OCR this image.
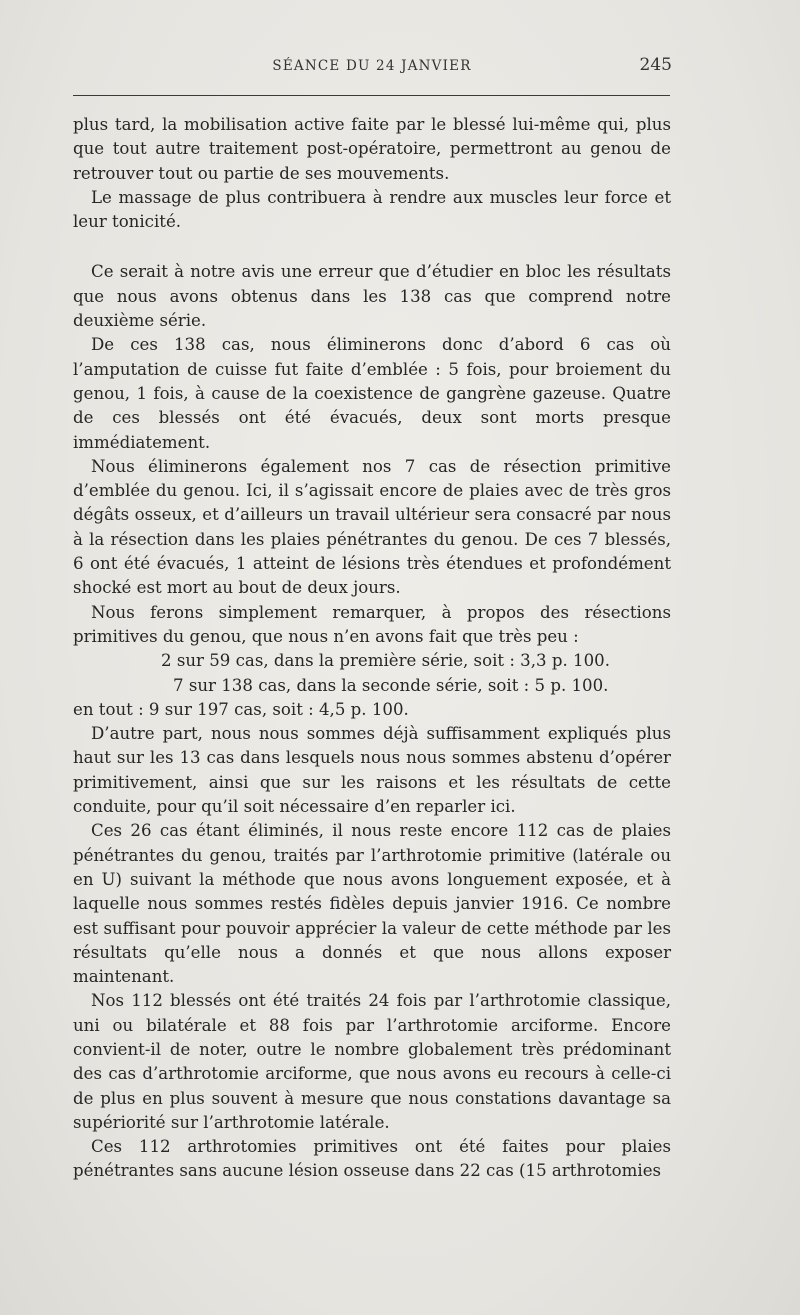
SÉANCE DU 24 JANVIER	245

plus tard, la mobilisation active faite par le blessé lui-même qui, plus que tout autre traitement post-opératoire, permettront au genou de retrouver tout ou partie de ses mouvements.

Le massage de plus contribuera à rendre aux muscles leur force et leur tonicité.

Ce serait à notre avis une erreur que d’étudier en bloc les résultats que nous avons obtenus dans les 138 cas que comprend notre deuxième série.

De ces 138 cas, nous éliminerons donc d’abord 6 cas où l’amputation de cuisse fut faite d’emblée : 5 fois, pour broiement du genou, 1 fois, à cause de la coexistence de gangrène gazeuse. Quatre de ces blessés ont été évacués, deux sont morts presque immédiatement.

Nous éliminerons également nos 7 cas de résection primitive d’emblée du genou. Ici, il s’agissait encore de plaies avec de très gros dégâts osseux, et d’ailleurs un travail ultérieur sera consacré par nous à la résection dans les plaies pénétrantes du genou. De ces 7 blessés, 6 ont été évacués, 1 atteint de lésions très étendues et profondément shocké est mort au bout de deux jours.

Nous ferons simplement remarquer, à propos des résections primitives du genou, que nous n’en avons fait que très peu :

2 sur 59 cas, dans la première série, soit : 3,3 p. 100.

7 sur 138 cas, dans la seconde série, soit : 5 p. 100.

en tout : 9 sur 197 cas, soit : 4,5 p. 100.

D’autre part, nous nous sommes déjà suffisamment expliqués plus haut sur les 13 cas dans lesquels nous nous sommes abstenu d’opérer primitivement, ainsi que sur les raisons et les résultats de cette conduite, pour qu’il soit nécessaire d’en reparler ici.

Ces 26 cas étant éliminés, il nous reste encore 112 cas de plaies pénétrantes du genou, traités par l’arthrotomie primitive (latérale ou en U) suivant la méthode que nous avons longuement exposée, et à laquelle nous sommes restés fidèles depuis janvier 1916. Ce nombre est suffisant pour pouvoir apprécier la valeur de cette méthode par les résultats qu’elle nous a donnés et que nous allons exposer maintenant.

Nos 112 blessés ont été traités 24 fois par l’arthrotomie classique, uni ou bilatérale et 88 fois par l’arthrotomie arciforme. Encore convient-il de noter, outre le nombre globalement très prédominant des cas d’arthrotomie arciforme, que nous avons eu recours à celle-ci de plus en plus souvent à mesure que nous constations davantage sa supériorité sur l’arthrotomie latérale.

Ces 112 arthrotomies primitives ont été faites pour plaies pénétrantes sans aucune lésion osseuse dans 22 cas (15 arthrotomies
